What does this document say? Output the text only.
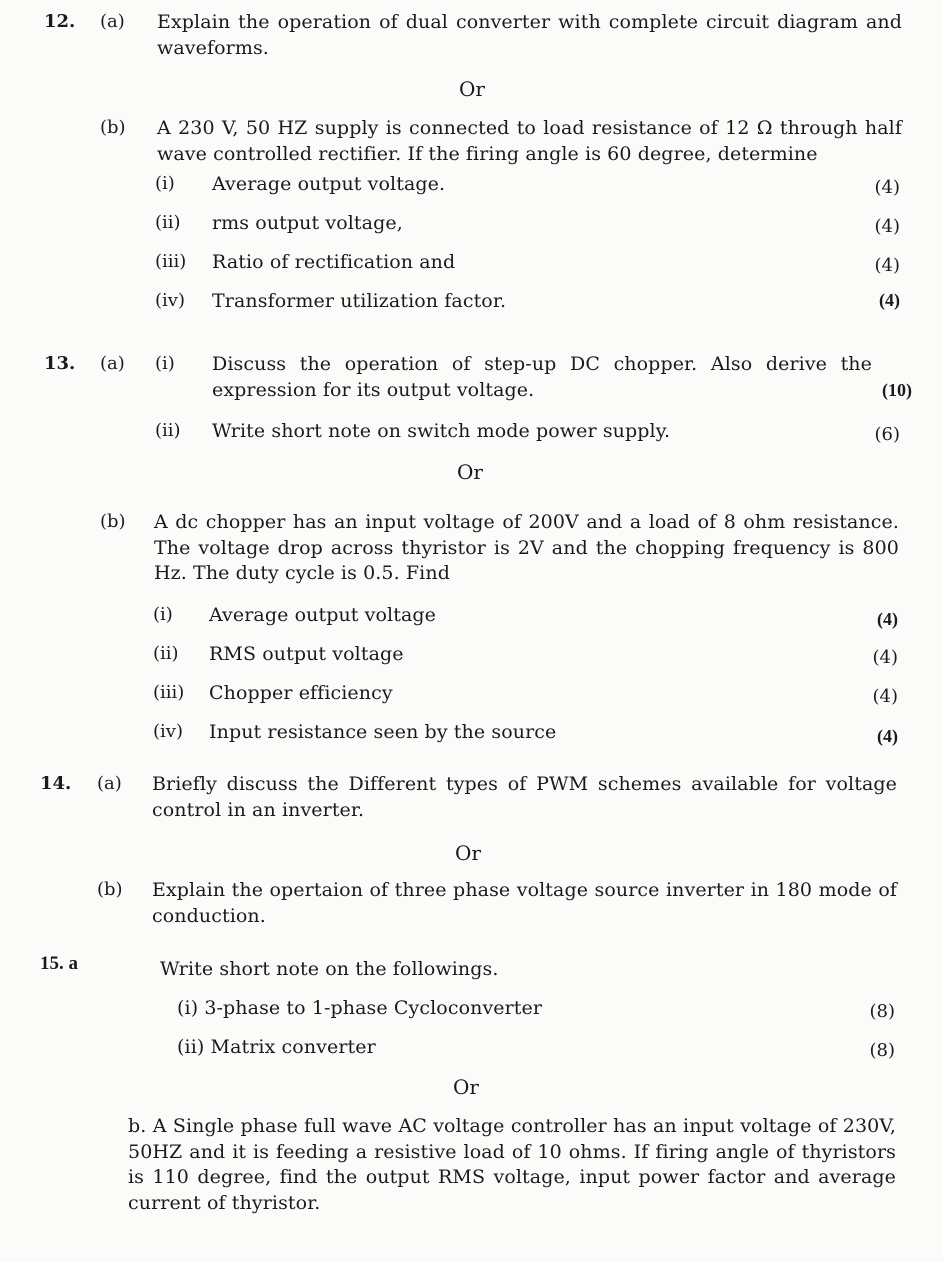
12. (a) Explain the operation of dual converter with complete circuit diagram and waveforms.
Or
(b) A 230 V, 50 HZ supply is connected to load resistance of 12 Ω through half wave controlled rectifier. If the firing angle is 60 degree, determine
(i) Average output voltage.	(4)
(ii) rms output voltage,	(4)
(iii) Ratio of rectification and	(4)
(iv) Transformer utilization factor.	(4)
13. (a) (i) Discuss the operation of step-up DC chopper. Also derive the expression for its output voltage.	(10)
(ii) Write short note on switch mode power supply.	(6)
Or
(b) A dc chopper has an input voltage of 200V and a load of 8 ohm resistance. The voltage drop across thyristor is 2V and the chopping frequency is 800 Hz. The duty cycle is 0.5. Find
(i) Average output voltage	(4)
(ii) RMS output voltage	(4)
(iii) Chopper efficiency	(4)
(iv) Input resistance seen by the source	(4)
14. (a) Briefly discuss the Different types of PWM schemes available for voltage control in an inverter.
Or
(b) Explain the opertaion of three phase voltage source inverter in 180 mode of conduction.
15. a	Write short note on the followings.
(i) 3-phase to 1-phase Cycloconverter	(8)
(ii) Matrix converter	(8)
Or
b. A Single phase full wave AC voltage controller has an input voltage of 230V, 50HZ and it is feeding a resistive load of 10 ohms. If firing angle of thyristors is 110 degree, find the output RMS voltage, input power factor and average current of thyristor.
